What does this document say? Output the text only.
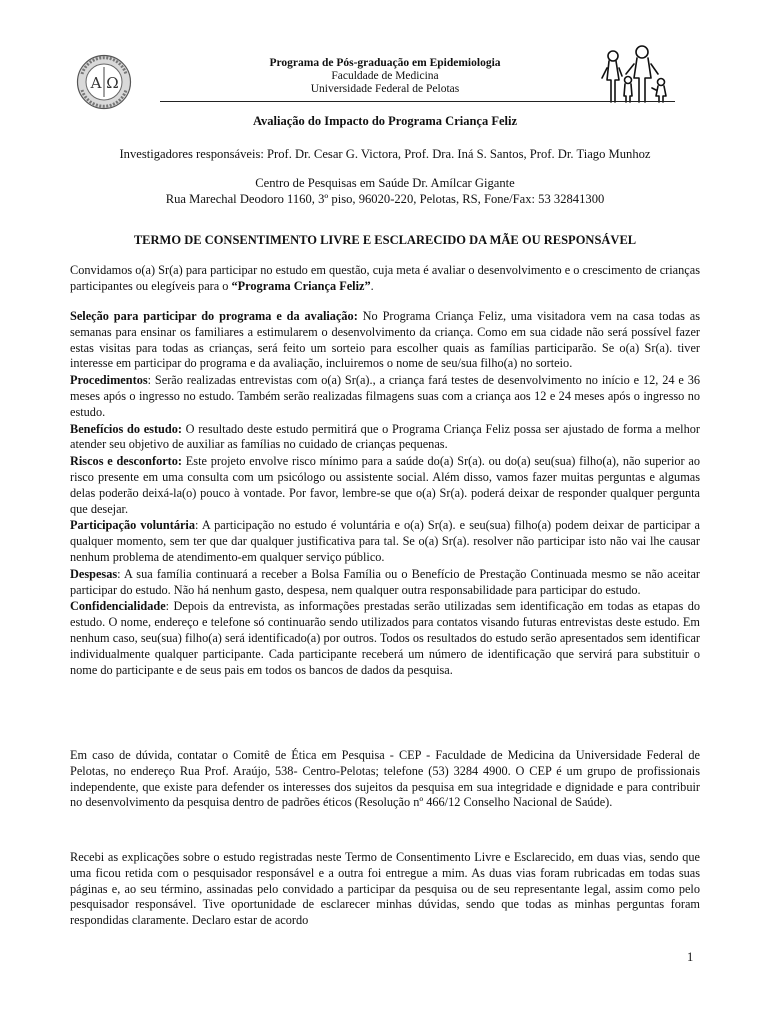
A Ω
Programa de Pós-graduação em Epidemiologia
Faculdade de Medicina
Universidade Federal de Pelotas
Avaliação do Impacto do Programa Criança Feliz
Investigadores responsáveis: Prof. Dr. Cesar G. Victora, Prof. Dra. Iná S. Santos, Prof. Dr. Tiago Munhoz
Centro de Pesquisas em Saúde Dr. Amílcar Gigante
Rua Marechal Deodoro 1160, 3º piso, 96020-220, Pelotas, RS, Fone/Fax: 53 32841300
TERMO DE CONSENTIMENTO LIVRE E ESCLARECIDO DA MÃE OU RESPONSÁVEL

Convidamos o(a) Sr(a) para participar no estudo em questão, cuja meta é avaliar o desenvolvimento e o crescimento de crianças participantes ou elegíveis para o “Programa Criança Feliz”.

Seleção para participar do programa e da avaliação: No Programa Criança Feliz, uma visitadora vem na casa todas as semanas para ensinar os familiares a estimularem o desenvolvimento da criança. Como em sua cidade não será possível fazer estas visitas para todas as crianças, será feito um sorteio para escolher quais as famílias participarão. Se o(a) Sr(a). tiver interesse em participar do programa e da avaliação, incluiremos o nome de seu/sua filho(a) no sorteio.

Procedimentos: Serão realizadas entrevistas com o(a) Sr(a)., a criança fará testes de desenvolvimento no início e 12, 24 e 36 meses após o ingresso no estudo. Também serão realizadas filmagens suas com a criança aos 12 e 24 meses após o ingresso no estudo.

Benefícios do estudo: O resultado deste estudo permitirá que o Programa Criança Feliz possa ser ajustado de forma a melhor atender seu objetivo de auxiliar as famílias no cuidado de crianças pequenas.

Riscos e desconforto: Este projeto envolve risco mínimo para a saúde do(a) Sr(a). ou do(a) seu(sua) filho(a), não superior ao risco presente em uma consulta com um psicólogo ou assistente social. Além disso, vamos fazer muitas perguntas e algumas delas poderão deixá-la(o) pouco à vontade. Por favor, lembre-se que o(a) Sr(a). poderá deixar de responder qualquer pergunta que desejar.

Participação voluntária: A participação no estudo é voluntária e o(a) Sr(a). e seu(sua) filho(a) podem deixar de participar a qualquer momento, sem ter que dar qualquer justificativa para tal. Se o(a) Sr(a). resolver não participar isto não vai lhe causar nenhum problema de atendimento-em qualquer serviço público.

Despesas: A sua família continuará a receber a Bolsa Família ou o Benefício de Prestação Continuada mesmo se não aceitar participar do estudo. Não há nenhum gasto, despesa, nem qualquer outra responsabilidade para participar do estudo.

Confidencialidade: Depois da entrevista, as informações prestadas serão utilizadas sem identificação em todas as etapas do estudo. O nome, endereço e telefone só continuarão sendo utilizados para contatos visando futuras entrevistas deste estudo. Em nenhum caso, seu(sua) filho(a) será identificado(a) por outros. Todos os resultados do estudo serão apresentados sem identificar individualmente qualquer participante. Cada participante receberá um número de identificação que servirá para substituir o nome do participante e de seus pais em todos os bancos de dados da pesquisa.

Em caso de dúvida, contatar o Comitê de Ética em Pesquisa - CEP - Faculdade de Medicina da Universidade Federal de Pelotas, no endereço Rua Prof. Araújo, 538- Centro-Pelotas; telefone (53) 3284 4900. O CEP é um grupo de profissionais independente, que existe para defender os interesses dos sujeitos da pesquisa em sua integridade e dignidade e para contribuir no desenvolvimento da pesquisa dentro de padrões éticos (Resolução nº 466/12 Conselho Nacional de Saúde).
Recebi as explicações sobre o estudo registradas neste Termo de Consentimento Livre e Esclarecido, em duas vias, sendo que uma ficou retida com o pesquisador responsável e a outra foi entregue a mim. As duas vias foram rubricadas em todas suas páginas e, ao seu término, assinadas pelo convidado a participar da pesquisa ou de seu representante legal, assim como pelo pesquisador responsável. Tive oportunidade de esclarecer minhas dúvidas, sendo que todas as minhas perguntas foram respondidas claramente. Declaro estar de acordo
1
